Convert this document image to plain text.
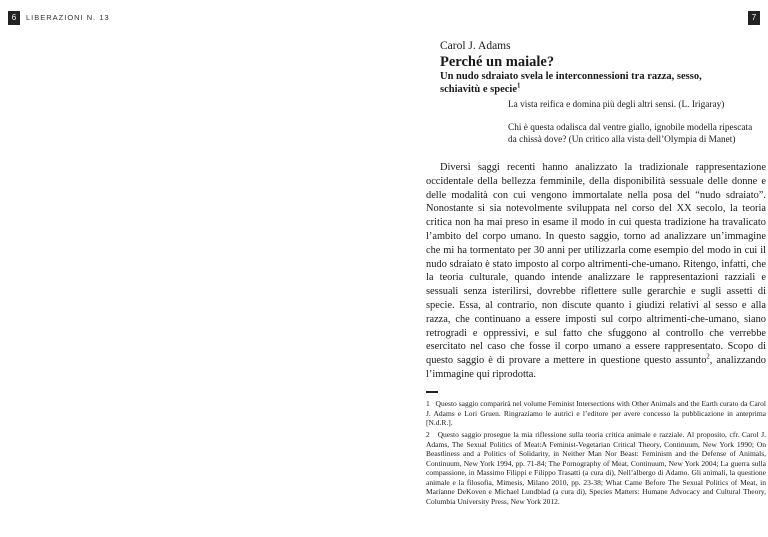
6	LIBERAZIONI N. 13	7
Carol J. Adams
Perché un maiale?
Un nudo sdraiato svela le interconnessioni tra razza, sesso, schiavitù e specie$^1$
La vista reifica e domina più degli altri sensi. (L. Irigaray)
Chi è questa odalisca dal ventre giallo, ignobile modella ripescata da chissà dove? (Un critico alla vista dell’Olympia di Manet)

Diversi saggi recenti hanno analizzato la tradizionale rappresentazione occidentale della bellezza femminile, della disponibilità sessuale delle donne e delle modalità con cui vengono immortalate nella posa del “nudo sdraiato”. Nonostante si sia notevolmente sviluppata nel corso del XX secolo, la teoria critica non ha mai preso in esame il modo in cui questa tradizione ha travalicato l’ambito del corpo umano. In questo saggio, torno ad analizzare un’immagine che mi ha tormentato per 30 anni per utilizzarla come esempio del modo in cui il nudo sdraiato è stato imposto al corpo altrimenti-che-umano. Ritengo, infatti, che la teoria culturale, quando intende analizzare le rappresentazioni razziali e sessuali senza isterilirsi, dovrebbe riflettere sulle gerarchie e sugli assetti di specie. Essa, al contrario, non discute quanto i giudizi relativi al sesso e alla razza, che continuano a essere imposti sul corpo altrimenti-che-umano, siano retrogradi e oppressivi, e sul fatto che sfuggono al controllo che verrebbe esercitato nel caso che fosse il corpo umano a essere rappresentato. Scopo di questo saggio è di provare a mettere in questione questo assunto$^2$, analizzando l’immagine qui riprodotta.

1 Questo saggio comparirà nel volume Feminist Intersections with Other Animals and the Earth curato da Carol J. Adams e Lori Gruen. Ringraziamo le autrici e l’editore per avere concesso la pubblicazione in anteprima [N.d.R.].
2 Questo saggio prosegue la mia riflessione sulla teoria critica animale e razziale. Al proposito, cfr. Carol J. Adams, The Sexual Politics of Meat:A Feminist-Vegetarian Critical Theory, Continuum, New York 1990; On Beastliness and a Politics of Solidarity, in Neither Man Nor Beast: Feminism and the Defense of Animals, Continuum, New York 1994, pp. 71-84; The Pornography of Meat, Continuum, New York 2004; La guerra sulla compassione, in Massimo Filippi e Filippo Trasatti (a cura di), Nell’albergo di Adamo. Gli animali, la questione animale e la filosofia, Mimesis, Milano 2010, pp. 23-38; What Came Before The Sexual Politics of Meat, in Marianne DeKoven e Michael Lundblad (a cura di), Species Matters: Humane Advocacy and Cultural Theory, Columbia University Press, New York 2012.
